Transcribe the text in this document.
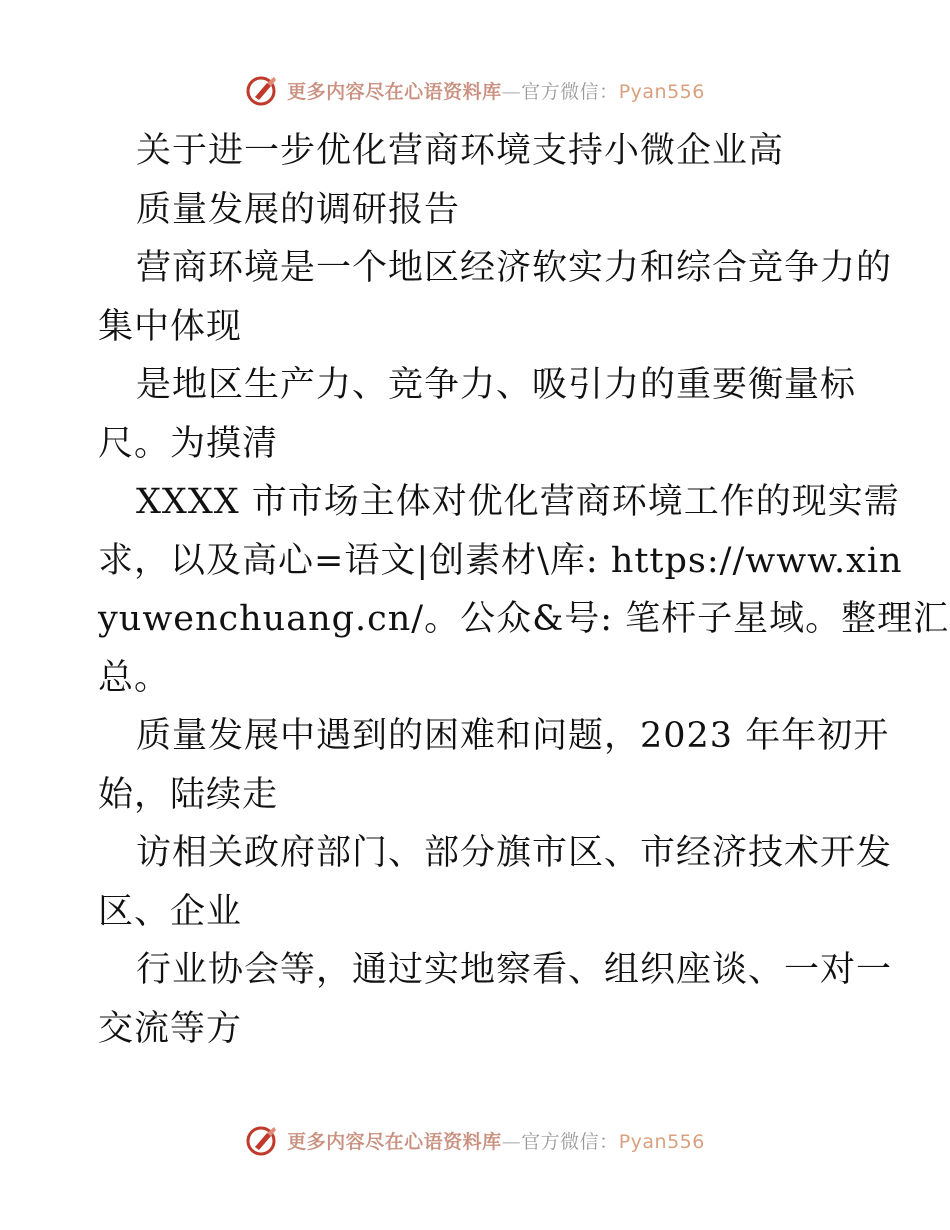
更多内容尽在心语资料库—官方微信：Pyan556
关于进一步优化营商环境支持小微企业高
质量发展的调研报告
营商环境是一个地区经济软实力和综合竞争力的
集中体现
是地区生产力、竞争力、吸引力的重要衡量标
尺。为摸清
XXXX 市市场主体对优化营商环境工作的现实需
求，以及高心=语文|创素材\库: https://www.xin
yuwenchuang.cn/。公众&号: 笔杆子星域。整理汇
总。
质量发展中遇到的困难和问题，2023 年年初开
始，陆续走
访相关政府部门、部分旗市区、市经济技术开发
区、企业
行业协会等，通过实地察看、组织座谈、一对一
交流等方
更多内容尽在心语资料库—官方微信：Pyan556
